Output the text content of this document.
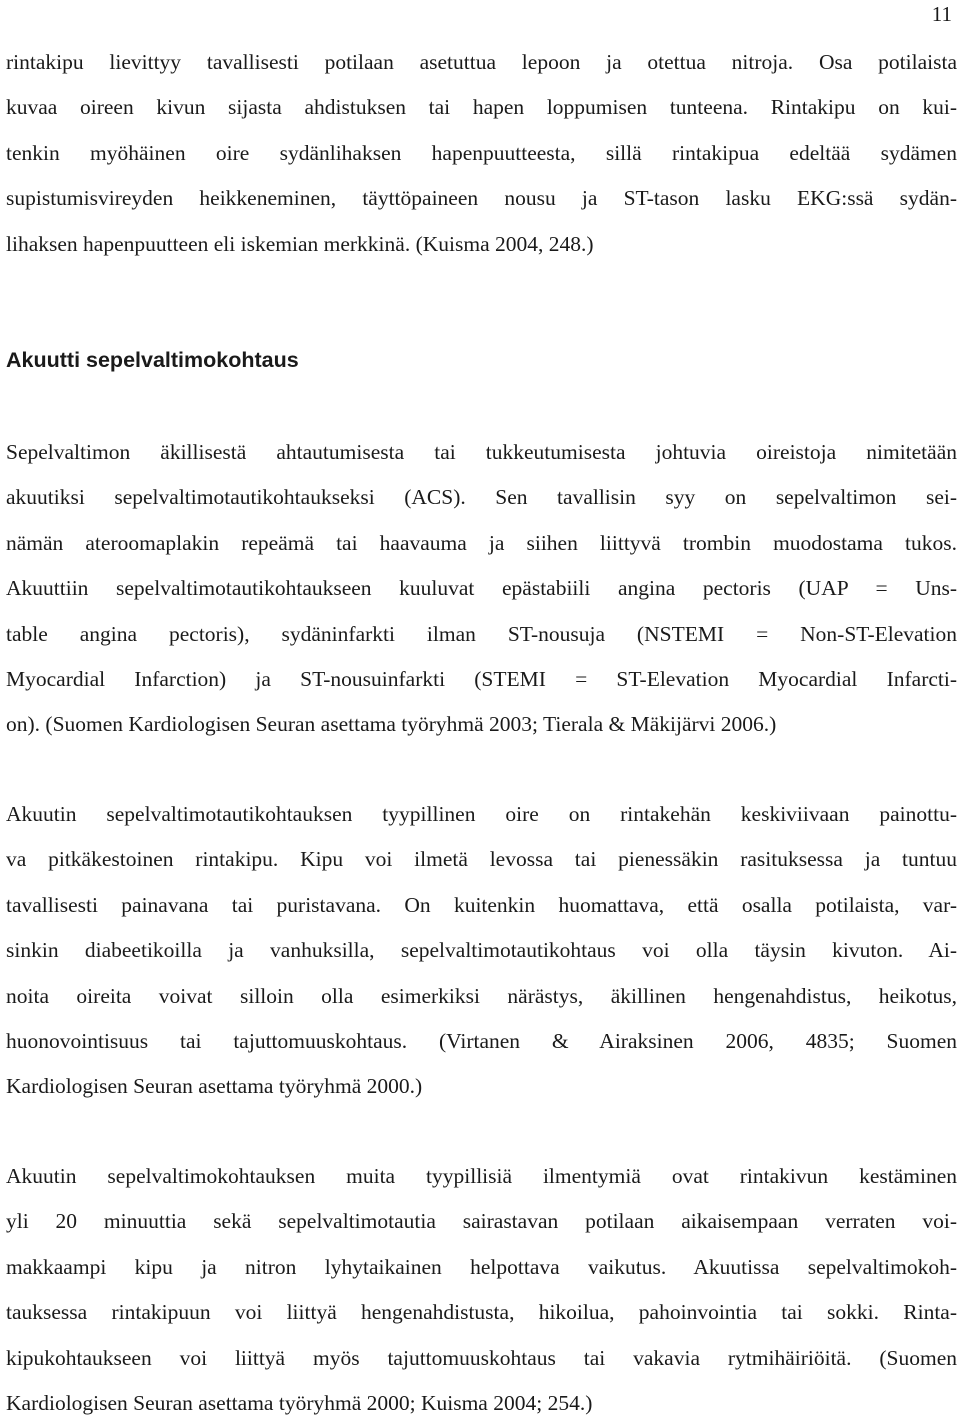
11
rintakipu lievittyy tavallisesti potilaan asetuttua lepoon ja otettua nitroja. Osa potilaista
kuvaa oireen kivun sijasta ahdistuksen tai hapen loppumisen tunteena. Rintakipu on kui-
tenkin myöhäinen oire sydänlihaksen hapenpuutteesta, sillä rintakipua edeltää sydämen
supistumisvireyden heikkeneminen, täyttöpaineen nousu ja ST-tason lasku EKG:ssä sydän-
lihaksen hapenpuutteen eli iskemian merkkinä. (Kuisma 2004, 248.)
Akuutti sepelvaltimokohtaus
Sepelvaltimon äkillisestä ahtautumisesta tai tukkeutumisesta johtuvia oireistoja nimitetään
akuutiksi sepelvaltimotautikohtaukseksi (ACS). Sen tavallisin syy on sepelvaltimon sei-
nämän ateroomaplakin repeämä tai haavauma ja siihen liittyvä trombin muodostama tukos.
Akuuttiin sepelvaltimotautikohtaukseen kuuluvat epästabiili angina pectoris (UAP = Uns-
table angina pectoris), sydäninfarkti ilman ST-nousuja (NSTEMI = Non-ST-Elevation
Myocardial Infarction) ja ST-nousuinfarkti (STEMI = ST-Elevation Myocardial Infarcti-
on). (Suomen Kardiologisen Seuran asettama työryhmä 2003; Tierala & Mäkijärvi 2006.)
Akuutin sepelvaltimotautikohtauksen tyypillinen oire on rintakehän keskiviivaan painottu-
va pitkäkestoinen rintakipu. Kipu voi ilmetä levossa tai pienessäkin rasituksessa ja tuntuu
tavallisesti painavana tai puristavana. On kuitenkin huomattava, että osalla potilaista, var-
sinkin diabeetikoilla ja vanhuksilla, sepelvaltimotautikohtaus voi olla täysin kivuton. Ai-
noita oireita voivat silloin olla esimerkiksi närästys, äkillinen hengenahdistus, heikotus,
huonovointisuus tai tajuttomuuskohtaus. (Virtanen & Airaksinen 2006, 4835; Suomen
Kardiologisen Seuran asettama työryhmä 2000.)
Akuutin sepelvaltimokohtauksen muita tyypillisiä ilmentymiä ovat rintakivun kestäminen
yli 20 minuuttia sekä sepelvaltimotautia sairastavan potilaan aikaisempaan verraten voi-
makkaampi kipu ja nitron lyhytaikainen helpottava vaikutus. Akuutissa sepelvaltimokoh-
tauksessa rintakipuun voi liittyä hengenahdistusta, hikoilua, pahoinvointia tai sokki. Rinta-
kipukohtaukseen voi liittyä myös tajuttomuuskohtaus tai vakavia rytmihäiriöitä. (Suomen
Kardiologisen Seuran asettama työryhmä 2000; Kuisma 2004; 254.)
